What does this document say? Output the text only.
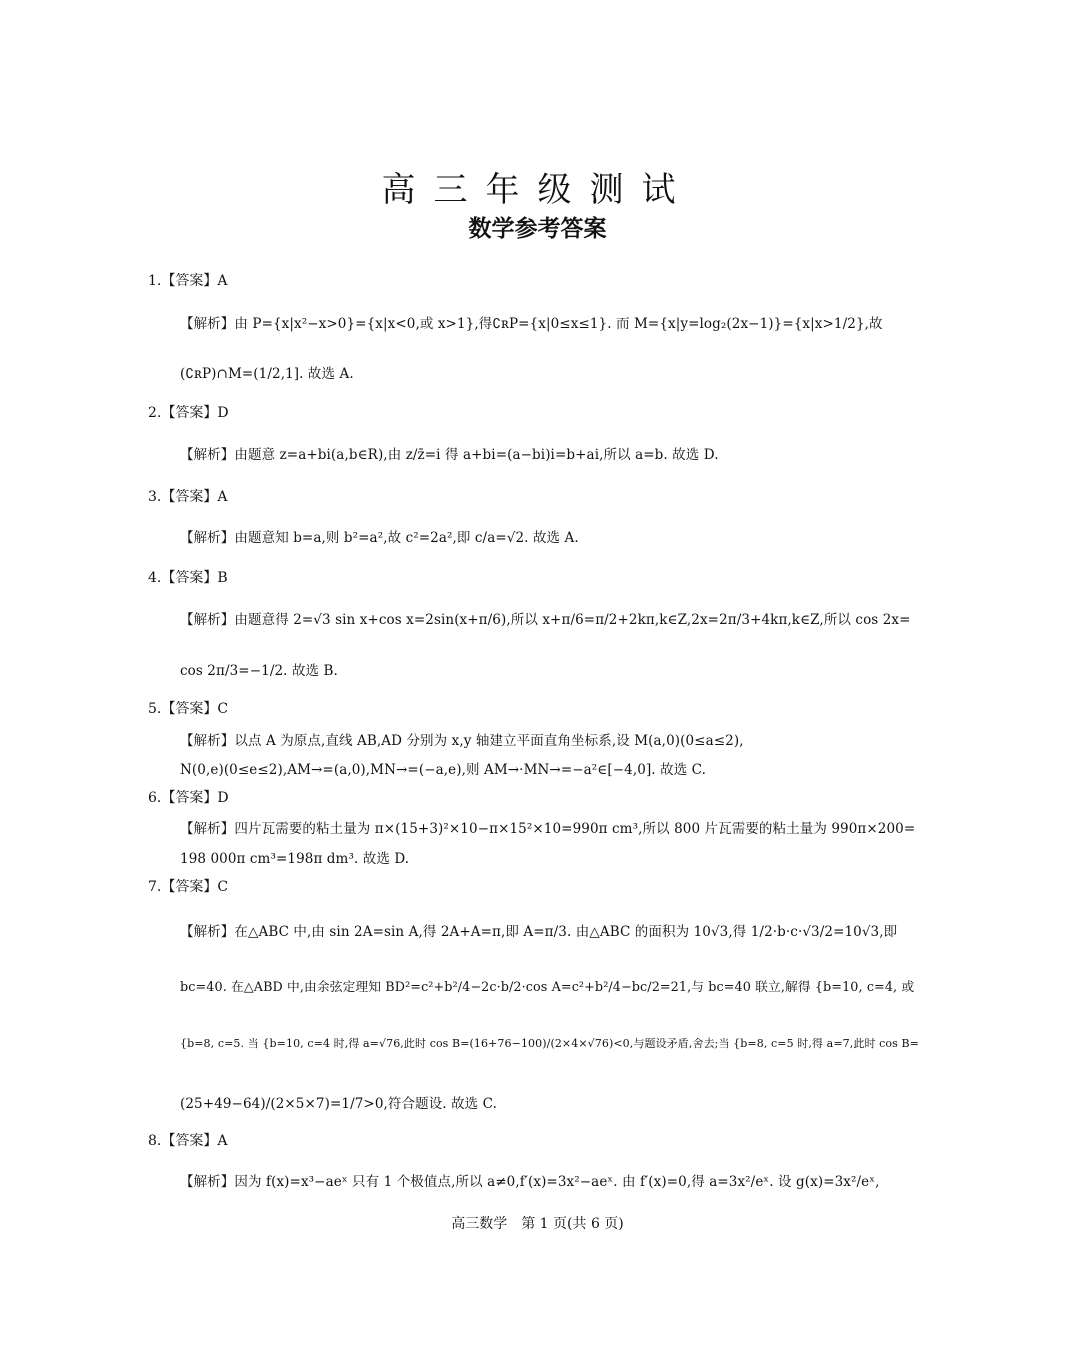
高三年级测试
数学参考答案
1.【答案】A
【解析】由 P={x|x²−x>0}={x|x<0,或 x>1},得∁ʀP={x|0≤x≤1}. 而 M={x|y=log₂(2x−1)}={x|x>1/2},故
(∁ʀP)∩M=(1/2,1]. 故选 A.
2.【答案】D
【解析】由题意 z=a+bi(a,b∈R),由 z/z̄=i 得 a+bi=(a−bi)i=b+ai,所以 a=b. 故选 D.
3.【答案】A
【解析】由题意知 b=a,则 b²=a²,故 c²=2a²,即 c/a=√2. 故选 A.
4.【答案】B
【解析】由题意得 2=√3 sin x+cos x=2sin(x+π/6),所以 x+π/6=π/2+2kπ,k∈Z,2x=2π/3+4kπ,k∈Z,所以 cos 2x=
cos 2π/3=−1/2. 故选 B.
5.【答案】C
【解析】以点 A 为原点,直线 AB,AD 分别为 x,y 轴建立平面直角坐标系,设 M(a,0)(0≤a≤2),
N(0,e)(0≤e≤2),AM→=(a,0),MN→=(−a,e),则 AM→·MN→=−a²∈[−4,0]. 故选 C.
6.【答案】D
【解析】四片瓦需要的粘土量为 π×(15+3)²×10−π×15²×10=990π cm³,所以 800 片瓦需要的粘土量为 990π×200=
198 000π cm³=198π dm³. 故选 D.
7.【答案】C
【解析】在△ABC 中,由 sin 2A=sin A,得 2A+A=π,即 A=π/3. 由△ABC 的面积为 10√3,得 1/2·b·c·√3/2=10√3,即
bc=40. 在△ABD 中,由余弦定理知 BD²=c²+b²/4−2c·b/2·cos A=c²+b²/4−bc/2=21,与 bc=40 联立,解得 {b=10, c=4, 或
{b=8, c=5. 当 {b=10, c=4 时,得 a=√76,此时 cos B=(16+76−100)/(2×4×√76)<0,与题设矛盾,舍去;当 {b=8, c=5 时,得 a=7,此时 cos B=
(25+49−64)/(2×5×7)=1/7>0,符合题设. 故选 C.
8.【答案】A
【解析】因为 f(x)=x³−aeˣ 只有 1 个极值点,所以 a≠0,f′(x)=3x²−aeˣ. 由 f′(x)=0,得 a=3x²/eˣ. 设 g(x)=3x²/eˣ,
高三数学　第 1 页(共 6 页)
